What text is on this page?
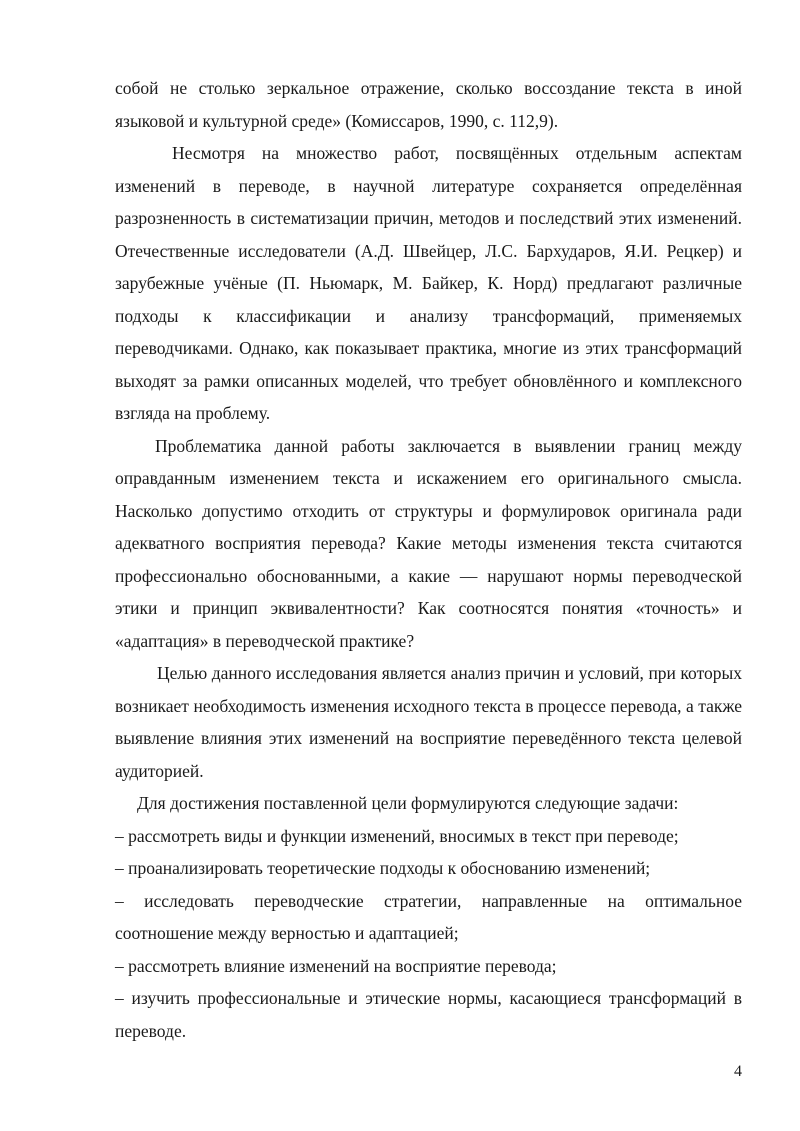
собой не столько зеркальное отражение, сколько воссоздание текста в иной языковой и культурной среде» (Комиссаров, 1990, с. 112,9).

Несмотря на множество работ, посвящённых отдельным аспектам изменений в переводе, в научной литературе сохраняется определённая разрозненность в систематизации причин, методов и последствий этих изменений. Отечественные исследователи (А.Д. Швейцер, Л.С. Бархударов, Я.И. Рецкер) и зарубежные учёные (П. Ньюмарк, М. Байкер, К. Норд) предлагают различные подходы к классификации и анализу трансформаций, применяемых переводчиками. Однако, как показывает практика, многие из этих трансформаций выходят за рамки описанных моделей, что требует обновлённого и комплексного взгляда на проблему.

Проблематика данной работы заключается в выявлении границ между оправданным изменением текста и искажением его оригинального смысла. Насколько допустимо отходить от структуры и формулировок оригинала ради адекватного восприятия перевода? Какие методы изменения текста считаются профессионально обоснованными, а какие — нарушают нормы переводческой этики и принцип эквивалентности? Как соотносятся понятия «точность» и «адаптация» в переводческой практике?

Целью данного исследования является анализ причин и условий, при которых возникает необходимость изменения исходного текста в процессе перевода, а также выявление влияния этих изменений на восприятие переведённого текста целевой аудиторией.

Для достижения поставленной цели формулируются следующие задачи:

– рассмотреть виды и функции изменений, вносимых в текст при переводе;

– проанализировать теоретические подходы к обоснованию изменений;

– исследовать переводческие стратегии, направленные на оптимальное соотношение между верностью и адаптацией;

– рассмотреть влияние изменений на восприятие перевода;

– изучить профессиональные и этические нормы, касающиеся трансформаций в переводе.

4
